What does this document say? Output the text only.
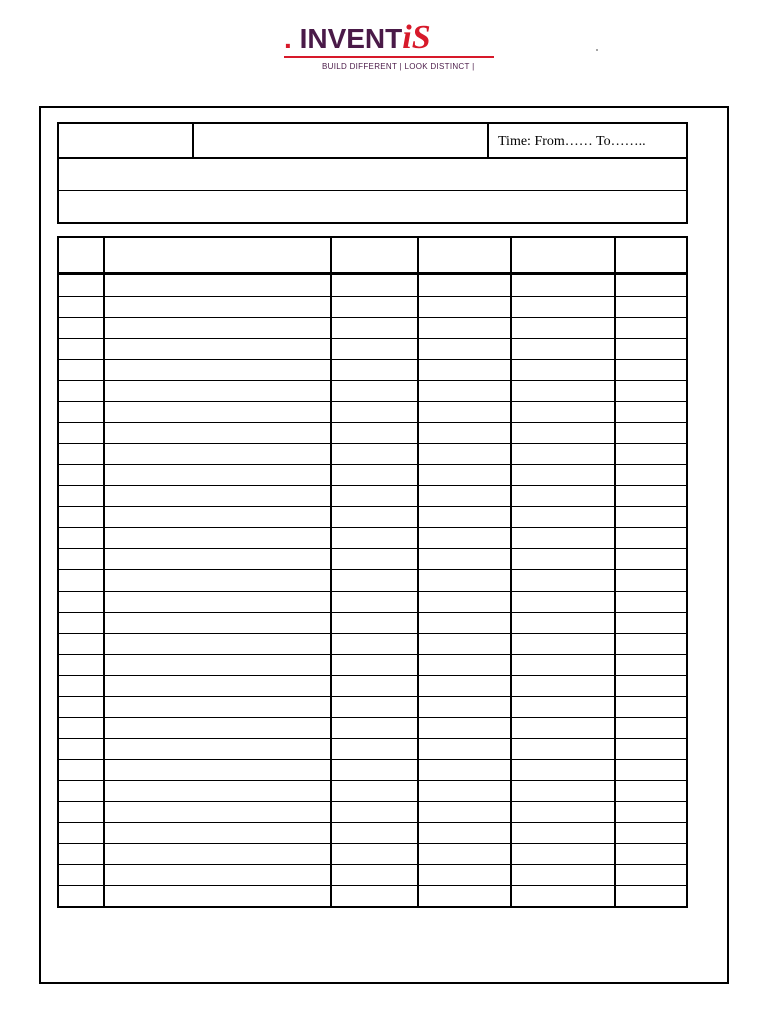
. INVENTiS
BUILD DIFFERENT | LOOK DISTINCT |
Time: From…… To……..
